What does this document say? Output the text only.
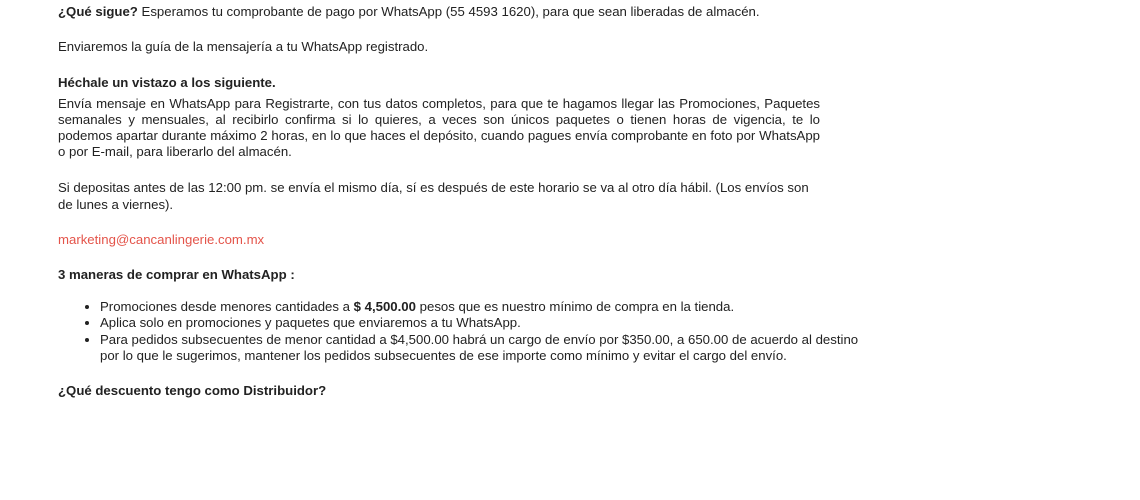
¿Qué sigue? Esperamos tu comprobante de pago por WhatsApp (55 4593 1620), para que sean liberadas de almacén.

Enviaremos la guía de la mensajería a tu WhatsApp registrado.

Héchale un vistazo a los siguiente.

Envía mensaje en WhatsApp para Registrarte, con tus datos completos, para que te hagamos llegar las Promociones, Paquetes semanales y mensuales, al recibirlo confirma si lo quieres, a veces son únicos paquetes o tienen horas de vigencia, te lo podemos apartar durante máximo 2 horas, en lo que haces el depósito, cuando pagues envía comprobante en foto por WhatsApp o por E-mail, para liberarlo del almacén.

Si depositas antes de las 12:00 pm. se envía el mismo día, sí es después de este horario se va al otro día hábil. (Los envíos son de lunes a viernes).

marketing@cancanlingerie.com.mx

3 maneras de comprar en WhatsApp :

• Promociones desde menores cantidades a $ 4,500.00 pesos que es nuestro mínimo de compra en la tienda.
• Aplica solo en promociones y paquetes que enviaremos a tu WhatsApp.
• Para pedidos subsecuentes de menor cantidad a $4,500.00 habrá un cargo de envío por $350.00, a 650.00 de acuerdo al destino por lo que le sugerimos, mantener los pedidos subsecuentes de ese importe como mínimo y evitar el cargo del envío.

¿Qué descuento tengo como Distribuidor?
